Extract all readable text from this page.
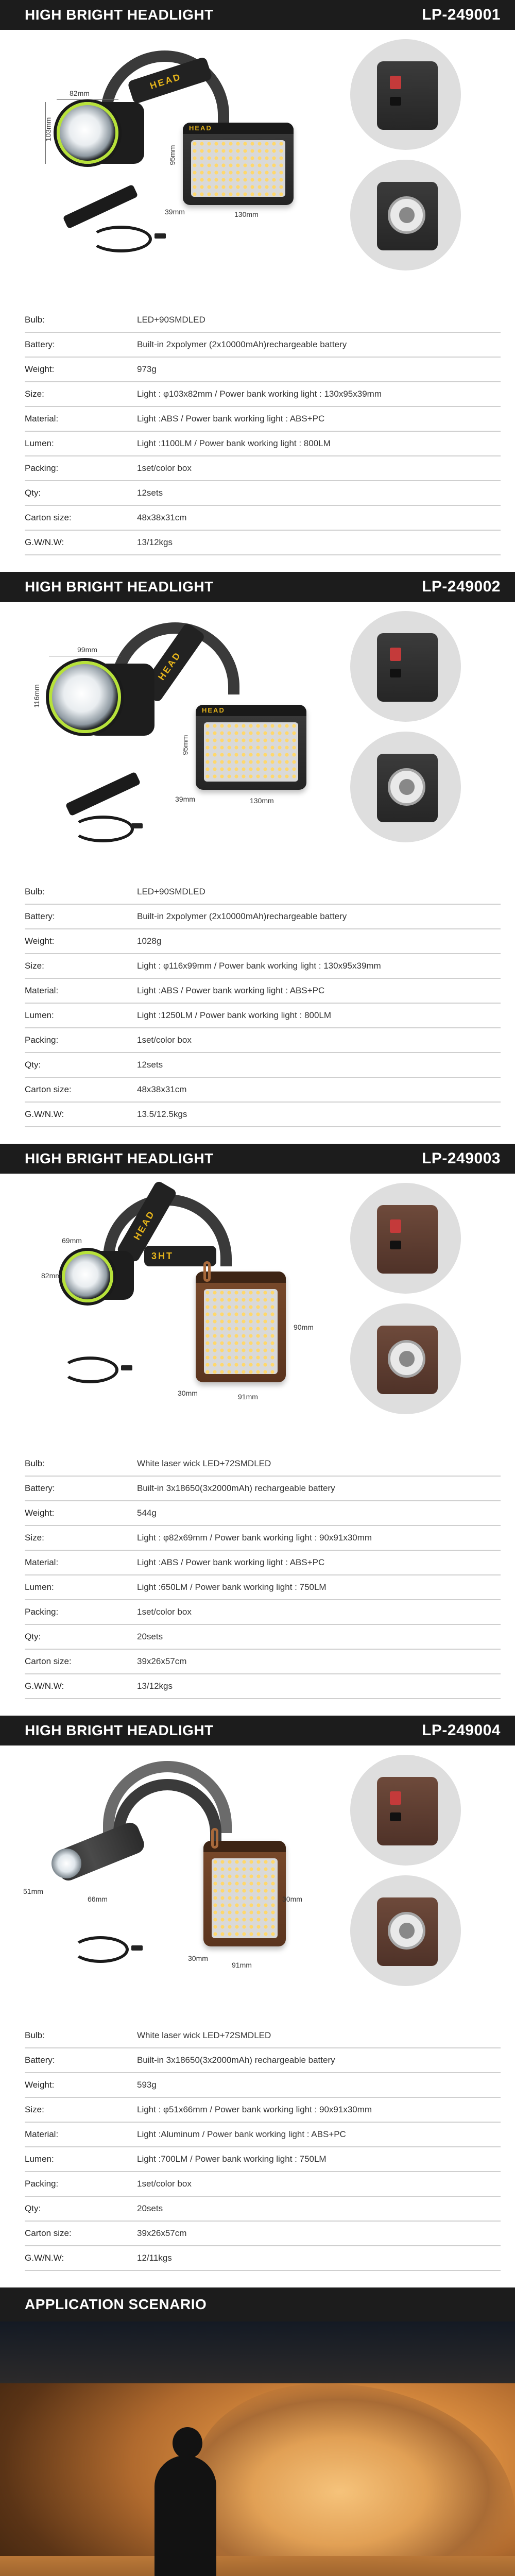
HIGH BRIGHT HEADLIGHT	LP-249001
HEAD
HEAD
82mm
103mm
95mm
39mm	130mm
Bulb:	LED+90SMDLED
Battery:	Built-in 2xpolymer (2x10000mAh)rechargeable battery
Weight:	973g
Size:	Light : φ103x82mm / Power bank working light : 130x95x39mm
Material:	Light :ABS / Power bank working light : ABS+PC
Lumen:	Light :1100LM / Power bank working light : 800LM
Packing:	1set/color box
Qty:	12sets
Carton size:	48x38x31cm
G.W/N.W:	13/12kgs
HIGH BRIGHT HEADLIGHT	LP-249002
HEAD
HEAD
99mm
116mm
95mm
39mm	130mm
Bulb:	LED+90SMDLED
Battery:	Built-in 2xpolymer (2x10000mAh)rechargeable battery
Weight:	1028g
Size:	Light : φ116x99mm / Power bank working light : 130x95x39mm
Material:	Light :ABS / Power bank working light : ABS+PC
Lumen:	Light :1250LM / Power bank working light : 800LM
Packing:	1set/color box
Qty:	12sets
Carton size:	48x38x31cm
G.W/N.W:	13.5/12.5kgs
HIGH BRIGHT HEADLIGHT	LP-249003
HEAD
3HT
69mm
82mm
90mm
30mm	91mm
Bulb:	White laser wick LED+72SMDLED
Battery:	Built-in 3x18650(3x2000mAh) rechargeable battery
Weight:	544g
Size:	Light : φ82x69mm / Power bank working light : 90x91x30mm
Material:	Light :ABS / Power bank working light : ABS+PC
Lumen:	Light :650LM / Power bank working light : 750LM
Packing:	1set/color box
Qty:	20sets
Carton size:	39x26x57cm
G.W/N.W:	13/12kgs
HIGH BRIGHT HEADLIGHT	LP-249004
51mm
66mm	30mm
30mm
91mm
Bulb:	White laser wick LED+72SMDLED
Battery:	Built-in 3x18650(3x2000mAh) rechargeable battery
Weight:	593g
Size:	Light : φ51x66mm / Power bank working light : 90x91x30mm
Material:	Light :Aluminum / Power bank working light : ABS+PC
Lumen:	Light :700LM / Power bank working light : 750LM
Packing:	1set/color box
Qty:	20sets
Carton size:	39x26x57cm
G.W/N.W:	12/11kgs
APPLICATION SCENARIO
